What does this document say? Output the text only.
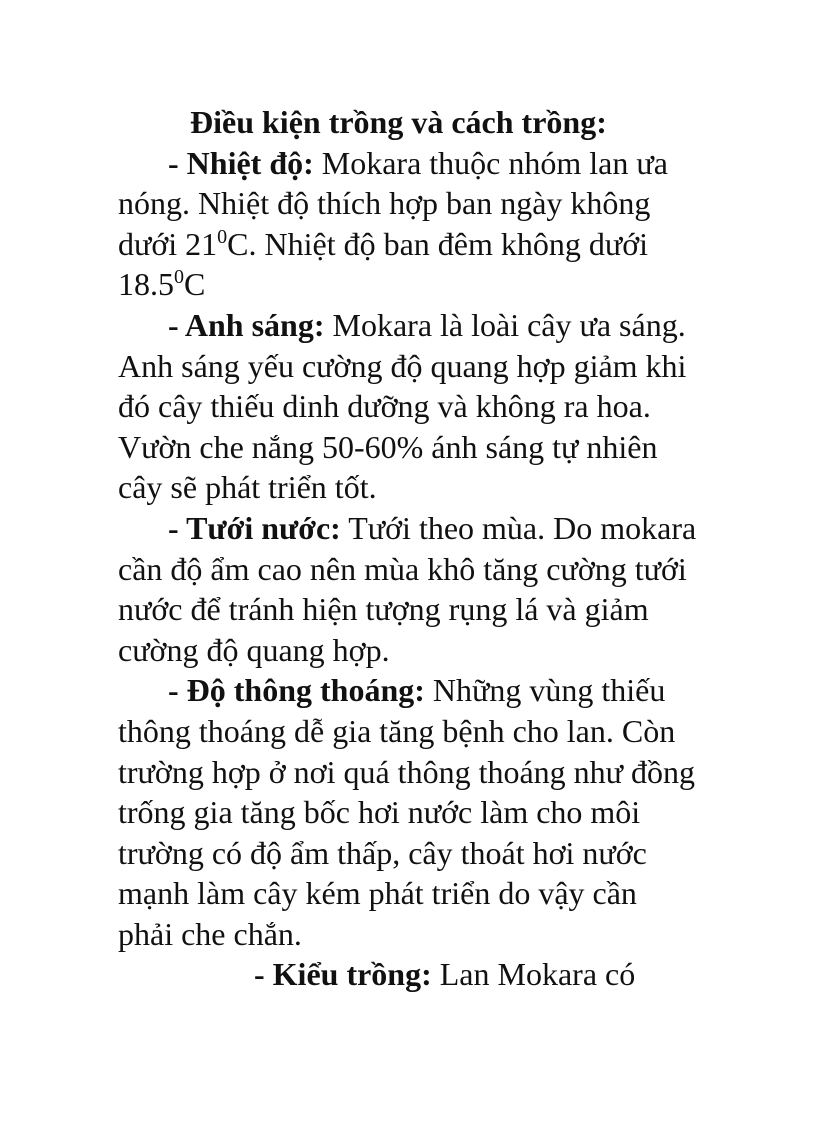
Điều kiện trồng và cách trồng:

- Nhiệt độ: Mokara thuộc nhóm lan ưa nóng. Nhiệt độ thích hợp ban ngày không dưới $21^0C$. Nhiệt độ ban đêm không dưới 18.5$^0$C

- Anh sáng: Mokara là loài cây ưa sáng. Anh sáng yếu cường độ quang hợp giảm khi đó cây thiếu dinh dưỡng và không ra hoa. Vườn che nắng 50-60% ánh sáng tự nhiên cây sẽ phát triển tốt.

- Tưới nước: Tưới theo mùa. Do mokara cần độ ẩm cao nên mùa khô tăng cường tưới nước để tránh hiện tượng rụng lá và giảm cường độ quang hợp.

- Độ thông thoáng: Những vùng thiếu thông thoáng dễ gia tăng bệnh cho lan. Còn trường hợp ở nơi quá thông thoáng như đồng trống gia tăng bốc hơi nước làm cho môi trường có độ ẩm thấp, cây thoát hơi nước mạnh làm cây kém phát triển do vậy cần phải che chắn.

- Kiểu trồng: Lan Mokara có
